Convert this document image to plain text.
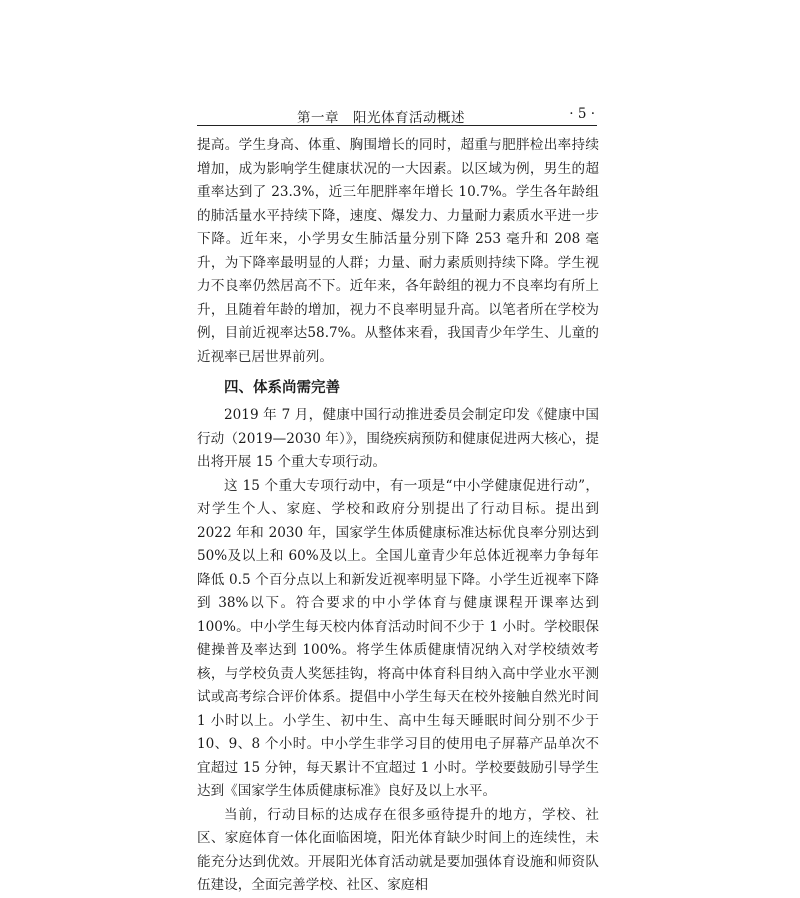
第一章　阳光体育活动概述	· 5 ·

提高。学生身高、体重、胸围增长的同时，超重与肥胖检出率持续增加，成为影响学生健康状况的一大因素。以区域为例，男生的超重率达到了 23.3%，近三年肥胖率年增长 10.7%。学生各年龄组的肺活量水平持续下降，速度、爆发力、力量耐力素质水平进一步下降。近年来，小学男女生肺活量分别下降 253 毫升和 208 毫升，为下降率最明显的人群；力量、耐力素质则持续下降。学生视力不良率仍然居高不下。近年来，各年龄组的视力不良率均有所上升，且随着年龄的增加，视力不良率明显升高。以笔者所在学校为例，目前近视率达58.7%。从整体来看，我国青少年学生、儿童的近视率已居世界前列。

四、体系尚需完善

2019 年 7 月，健康中国行动推进委员会制定印发《健康中国行动（2019—2030 年）》，围绕疾病预防和健康促进两大核心，提出将开展 15 个重大专项行动。

这 15 个重大专项行动中，有一项是“中小学健康促进行动”，对学生个人、家庭、学校和政府分别提出了行动目标。提出到 2022 年和 2030 年，国家学生体质健康标准达标优良率分别达到 50%及以上和 60%及以上。全国儿童青少年总体近视率力争每年降低 0.5 个百分点以上和新发近视率明显下降。小学生近视率下降到 38%以下。符合要求的中小学体育与健康课程开课率达到 100%。中小学生每天校内体育活动时间不少于 1 小时。学校眼保健操普及率达到 100%。将学生体质健康情况纳入对学校绩效考核，与学校负责人奖惩挂钩，将高中体育科目纳入高中学业水平测试或高考综合评价体系。提倡中小学生每天在校外接触自然光时间 1 小时以上。小学生、初中生、高中生每天睡眠时间分别不少于 10、9、8 个小时。中小学生非学习目的使用电子屏幕产品单次不宜超过 15 分钟，每天累计不宜超过 1 小时。学校要鼓励引导学生达到《国家学生体质健康标准》良好及以上水平。

当前，行动目标的达成存在很多亟待提升的地方，学校、社区、家庭体育一体化面临困境，阳光体育缺少时间上的连续性，未能充分达到优效。开展阳光体育活动就是要加强体育设施和师资队伍建设，全面完善学校、社区、家庭相
